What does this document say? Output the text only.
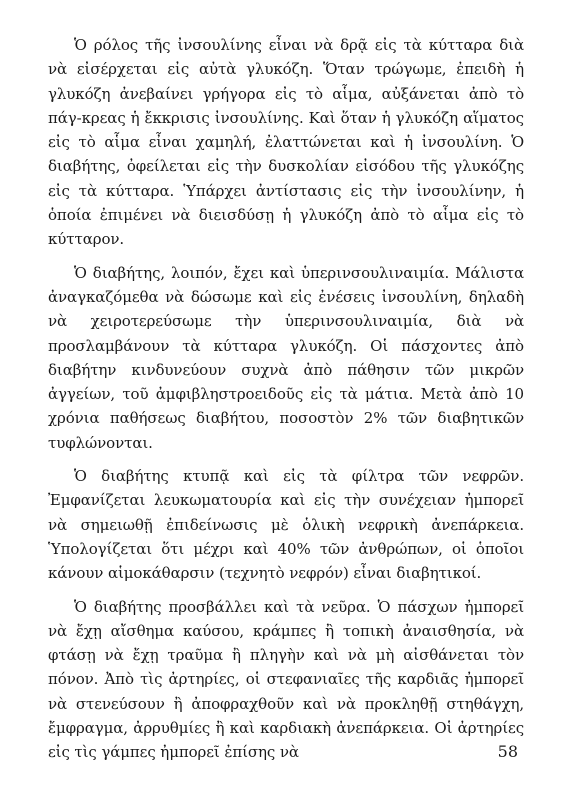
Ὁ ρόλος τῆς ἰνσουλίνης εἶναι νὰ δρᾷ εἰς τὰ κύτταρα διὰ νὰ εἰσέρχεται εἰς αὐτὰ γλυκόζη. Ὅταν τρώγωμε, ἐπειδὴ ἡ γλυκόζη ἀνεβαίνει γρήγορα εἰς τὸ αἷμα, αὐξάνεται ἀπὸ τὸ πάγ-κρεας ἡ ἔκκρισις ἰνσουλίνης. Καὶ ὅταν ἡ γλυκόζη αἵματος εἰς τὸ αἷμα εἶναι χαμηλή, ἐλαττώνεται καὶ ἡ ἰνσουλίνη. Ὁ διαβήτης, ὀφείλεται εἰς τὴν δυσκολίαν εἰσόδου τῆς γλυκόζης εἰς τὰ κύτταρα. Ὑπάρχει ἀντίστασις εἰς τὴν ἰνσουλίνην, ἡ ὁποία ἐπιμένει νὰ διεισδύσῃ ἡ γλυκόζη ἀπὸ τὸ αἷμα εἰς τὸ κύτταρον.

Ὁ διαβήτης, λοιπόν, ἔχει καὶ ὑπερινσουλιναιμία. Μάλιστα ἀναγκαζόμεθα νὰ δώσωμε καὶ εἰς ἐνέσεις ἰνσουλίνη, δηλαδὴ νὰ χειροτερεύσωμε τὴν ὑπερινσουλιναιμία, διὰ νὰ προσλαμβάνουν τὰ κύτταρα γλυκόζη. Οἱ πάσχοντες ἀπὸ διαβήτην κινδυνεύουν συχνὰ ἀπὸ πάθησιν τῶν μικρῶν ἀγγείων, τοῦ ἀμφιβληστροειδοῦς εἰς τὰ μάτια. Μετὰ ἀπὸ 10 χρόνια παθήσεως διαβήτου, ποσοστὸν 2% τῶν διαβητικῶν τυφλώνονται.

Ὁ διαβήτης κτυπᾷ καὶ εἰς τὰ φίλτρα τῶν νεφρῶν. Ἐμφανίζεται λευκωματουρία καὶ εἰς τὴν συνέχειαν ἠμπορεῖ νὰ σημειωθῇ ἐπιδείνωσις μὲ ὁλικὴ νεφρικὴ ἀνεπάρκεια. Ὑπολογίζεται ὅτι μέχρι καὶ 40% τῶν ἀνθρώπων, οἱ ὁποῖοι κάνουν αἱμοκάθαρσιν (τεχνητὸ νεφρόν) εἶναι διαβητικοί.

Ὁ διαβήτης προσβάλλει καὶ τὰ νεῦρα. Ὁ πάσχων ἠμπορεῖ νὰ ἔχῃ αἴσθημα καύσου, κράμπες ἢ τοπικὴ ἀναισθησία, νὰ φτάσῃ νὰ ἔχῃ τραῦμα ἢ πληγὴν καὶ νὰ μὴ αἰσθάνεται τὸν πόνον. Ἀπὸ τὶς ἀρτηρίες, οἱ στεφανιαῖες τῆς καρδιᾶς ἠμπορεῖ νὰ στενεύσουν ἢ ἀποφραχθοῦν καὶ νὰ προκληθῇ στηθάγχη, ἔμφραγμα, ἀρρυθμίες ἢ καὶ καρδιακὴ ἀνεπάρκεια. Οἱ ἀρτηρίες εἰς τὶς γάμπες ἠμπορεῖ ἐπίσης νὰ	58
